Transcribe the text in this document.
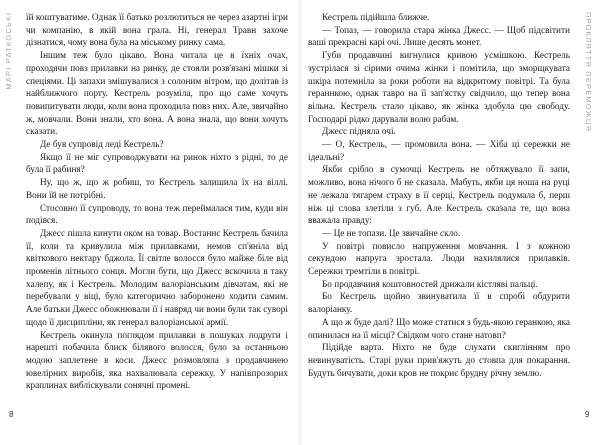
МАРІ РАТКОСЬКІ їй коштуватиме. Однак її батько розлютиться не через азартні ігри чи компанію, в якій вона грала. Ні, генерал Травн захоче дізнатися, чому вона була на міському ринку сама.

Іншим теж було цікаво. Вона читала це в їхніх очах, проходячи повз прилавки на ринку, де стояли розв'язані мішки зі спеціями. Ці запахи змішувалися з солоним вітром, що долітав із найближчого порту. Кестрель розуміла, про що саме хочуть повипитувати люди, коли вона проходила повз них. Але, звичайно ж, мовчали. Вони знали, хто вона. А вона знала, що вони хочуть сказати.

Де був супровід леді Кестрель?

Якщо її не міг супроводжувати на ринок ніхто з рідні, то де була її рабиня?

Ну, що ж, що ж робиш, то Кестрель залишила їх на віллі. Вони їй не потрібні.

Стосовно її супроводу, то вона теж переймалася тим, куди він подівся.

Джесс пішла кинути оком на товар. Востаннє Кестрель бачила її, коли та кривулила між прилавками, немов сп'яніла від квіткового нектару бджола. Її світле волосся було майже біле від променів літнього сонця. Могли бути, що Джесс вскочила в таку халепу, як і Кестрель. Молодим валоріанським дівчатам, які не перебували у віці, було категорично заборонено ходити самим. Але батьки Джесс обожнювали її і навряд чи вони були так суворі щодо її дисципліни, як генерал валоріанської армії.

Кестрель окинула поглядом прилавки в пошуках подруги і нарешті побачила блиск білявого волосся, було за останньою модою заплетене в коси. Джесс розмовляла з продавчинею ювелірних виробів, яка нахвалювала сережку. У напівпрозорих краплинах вибліскували сонячні промені.

8

Кестрель підійшла ближче.

— Топаз, — говорила стара жінка Джесс. — Щоб підсвітити ваші прекрасні карі очі. Лише десять монет.

Губи продавчині вигнулися кривою усмішкою. Кестрель зустрілася зі сірими очима жінки і помітила, що зморщкувата шкіра потемніла за роки роботи на відкритому повітрі. Та була гераннкою, однак тавро на її зап'ястку свідчило, що тепер вона вільна. Кестрель стало цікаво, як жінка здобула цю свободу. Господарі рідко дарували волю рабам.

Джесс підняла очі.

— О, Кестрель, — промовила вона. — Хіба ці сережки не ідеальні?

Якби срібло в сумочці Кестрель не обтяжувало її запи, можливо, вона нічого б не сказала. Мабуть, якби ця ноша на руці не лежала тягарем страху в її серці, Кестрель подумала б, перш ніж ці слова злетіли з губ. Але Кестрель сказала те, що вона вважала правду:

— Це не топази. Це звичайне скло.

У повітрі повисло напруження мовчання. І з кожною секундою напруга зростала. Люди нахилялися прилавків. Сережки тремтіли в повітрі.

Бо продавчиня коштовностей дрижали кістляві пальці.

Бо Кестрель щойно звинуватила її в спробі обдурити валоріанку.

А що ж буде далі? Що може статися з будь-якою геранкою, яка опинилася на її місці? Свідком чого стане натовп?

Підійде варта. Ніхто не буде слухати скиглінням про невинуватість. Старі руки прив'яжуть до стовпа для покарання. Будуть бичувати, доки кров не покриє брудну річну землю.

ПРОКЛЯТТЯ ПЕРЕМОЖЦЯ
9
